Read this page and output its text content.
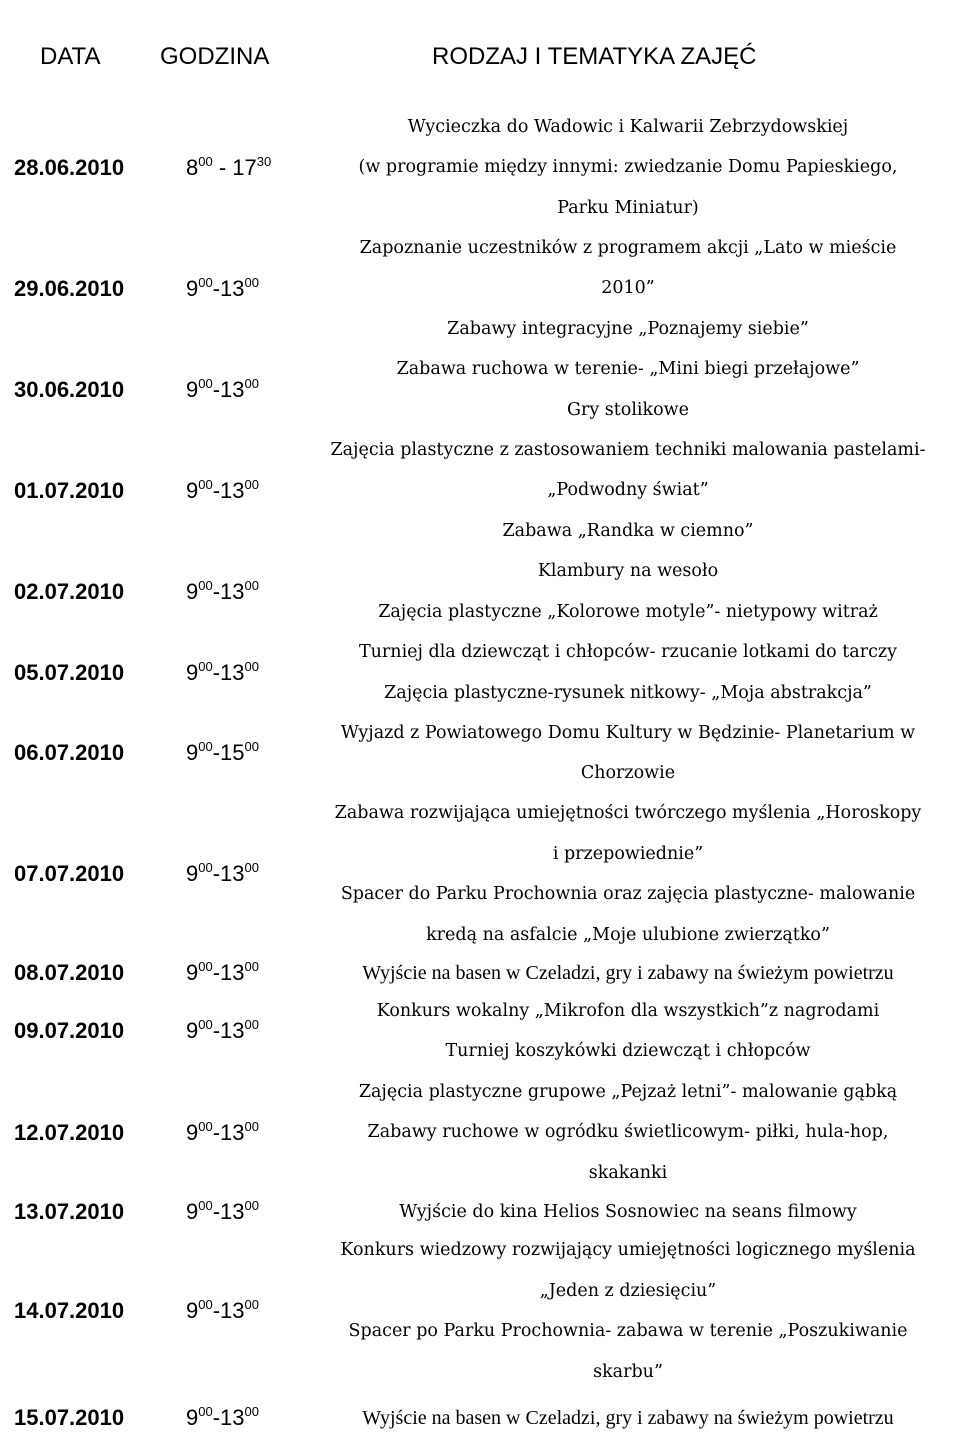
DATA GODZINA	RODZAJ I TEMATYKA ZAJĘĆ
28.06.2010	$8^{00} - 17^{30}$
Wycieczka do Wadowic i Kalwarii Zebrzydowskiej
(w programie między innymi: zwiedzanie Domu Papieskiego,
Parku Miniatur)
29.06.2010	$9^{00}-13^{00}$
Zapoznanie uczestników z programem akcji „Lato w mieście
2010”
Zabawy integracyjne „Poznajemy siebie”
30.06.2010	$9^{00}-13^{00}$
Zabawa ruchowa w terenie- „Mini biegi przełajowe”
Gry stolikowe
01.07.2010	$9^{00}-13^{00}$
Zajęcia plastyczne z zastosowaniem techniki malowania pastelami-
„Podwodny świat”
Zabawa „Randka w ciemno”
02.07.2010	$9^{00}-13^{00}$
Klambury na wesoło
Zajęcia plastyczne „Kolorowe motyle”- nietypowy witraż
05.07.2010	$9^{00}-13^{00}$
Turniej dla dziewcząt i chłopców- rzucanie lotkami do tarczy
Zajęcia plastyczne-rysunek nitkowy- „Moja abstrakcja”
06.07.2010	$9^{00}-15^{00}$
Wyjazd z Powiatowego Domu Kultury w Będzinie- Planetarium w
Chorzowie
07.07.2010	$9^{00}-13^{00}$
Zabawa rozwijająca umiejętności twórczego myślenia „Horoskopy
i przepowiednie”
Spacer do Parku Prochownia oraz zajęcia plastyczne- malowanie
kredą na asfalcie „Moje ulubione zwierzątko”
08.07.2010	$9^{00}-13^{00}$	Wyjście na basen w Czeladzi, gry i zabawy na świeżym powietrzu
09.07.2010	$9^{00}-13^{00}$
Konkurs wokalny „Mikrofon dla wszystkich”z nagrodami
Turniej koszykówki dziewcząt i chłopców
12.07.2010	$9^{00}-13^{00}$
Zajęcia plastyczne grupowe „Pejzaż letni”- malowanie gąbką
Zabawy ruchowe w ogródku świetlicowym- piłki, hula-hop,
skakanki
13.07.2010	$9^{00}-13^{00}$	Wyjście do kina Helios Sosnowiec na seans filmowy
14.07.2010	$9^{00}-13^{00}$
Konkurs wiedzowy rozwijający umiejętności logicznego myślenia
„Jeden z dziesięciu”
Spacer po Parku Prochownia- zabawa w terenie „Poszukiwanie
skarbu”
15.07.2010	$9^{00}-13^{00}$	Wyjście na basen w Czeladzi, gry i zabawy na świeżym powietrzu
